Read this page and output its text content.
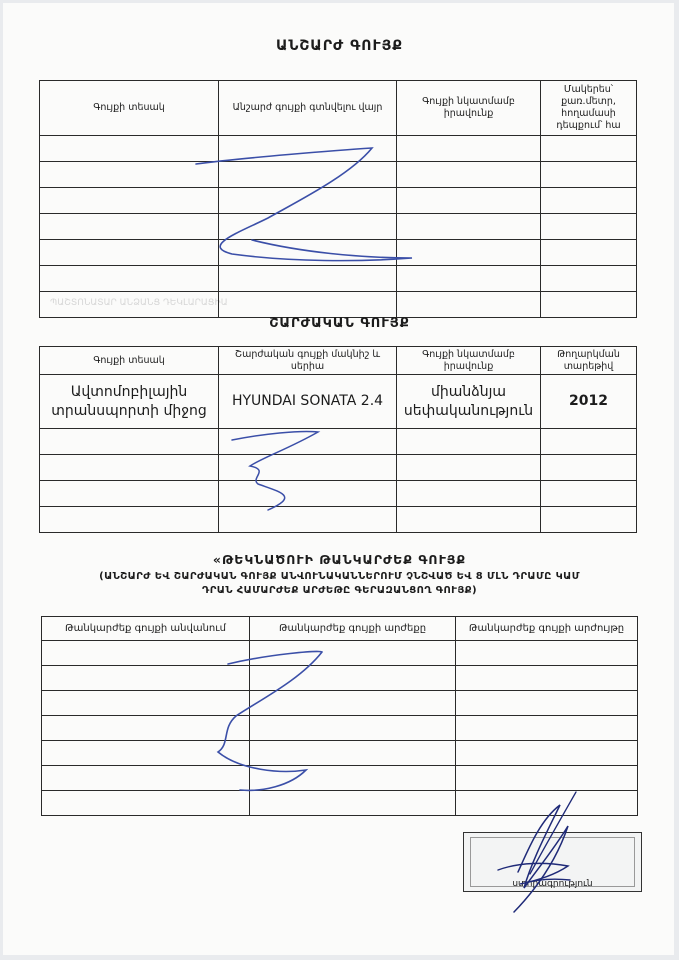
ՊԱՇՏՈՆԱՏԱՐ ԱՆՁԱՆՑ ԴԵԿԼԱՐԱՑԻԱ
ԱՆՇԱՐԺ ԳՈՒՅՔ
Գույքի տեսակ	Անշարժ գույքի գտնվելու վայր	Գույքի նկատմամբ իրավունք	Մակերես՝ քառ.մետր, հողամասի դեպքում՝ հա

ՇԱՐԺԱԿԱՆ ԳՈՒՅՔ
Գույքի տեսակ	Շարժական գույքի մակնիշ և սերիա	Գույքի նկատմամբ իրավունք	Թողարկման տարեթիվ
Ավտոմոբիլային տրանսպորտի միջոց	HYUNDAI SONATA 2.4	միանձնյա սեփականություն	2012

«ԹԵԿՆԱԾՈՒԻ ԹԱՆԿԱՐԺԵՔ ԳՈՒՅՔ
(ԱՆՇԱՐԺ ԵՎ ՇԱՐԺԱԿԱՆ ԳՈՒՅՔ ԱՆՎՈՒՆԱԿԱՆՆԵՐՈՒՄ ՉՆՇՎԱԾ ԵՎ 8 ՄԼՆ ԴՐԱՄԸ ԿԱՄ
ԴՐԱՆ ՀԱՄԱՐԺԵՔ ԱՐԺԵԹԸ ԳԵՐԱԶԱՆՑՈՂ ԳՈՒՅՔ)
Թանկարժեք գույքի անվանում	Թանկարժեք գույքի արժեքը	Թանկարժեք գույքի արժույթը

ստորագրություն
